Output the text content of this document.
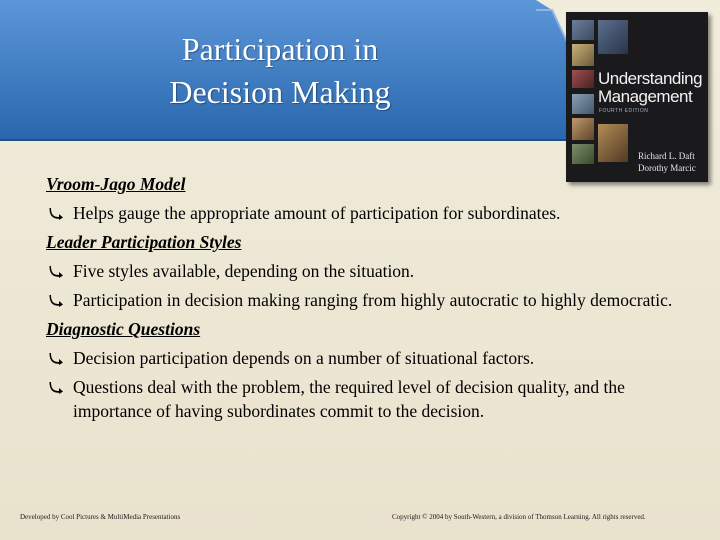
Participation in
Decision Making	Understanding
Management
FOURTH EDITION
Richard L. Daft
Dorothy Marcic
Vroom-Jago Model
Helps gauge the appropriate amount of participation for subordinates.
Leader Participation Styles
Five styles available, depending on the situation.
Participation in decision making ranging from highly autocratic to highly democratic.
Diagnostic Questions
Decision participation depends on a number of situational factors.
Questions deal with the problem, the required level of decision quality, and the importance of having subordinates commit to the decision.
Developed by Cool Pictures & MultiMedia Presentations	Copyright © 2004 by South-Western, a division of Thomson Learning. All rights reserved.
